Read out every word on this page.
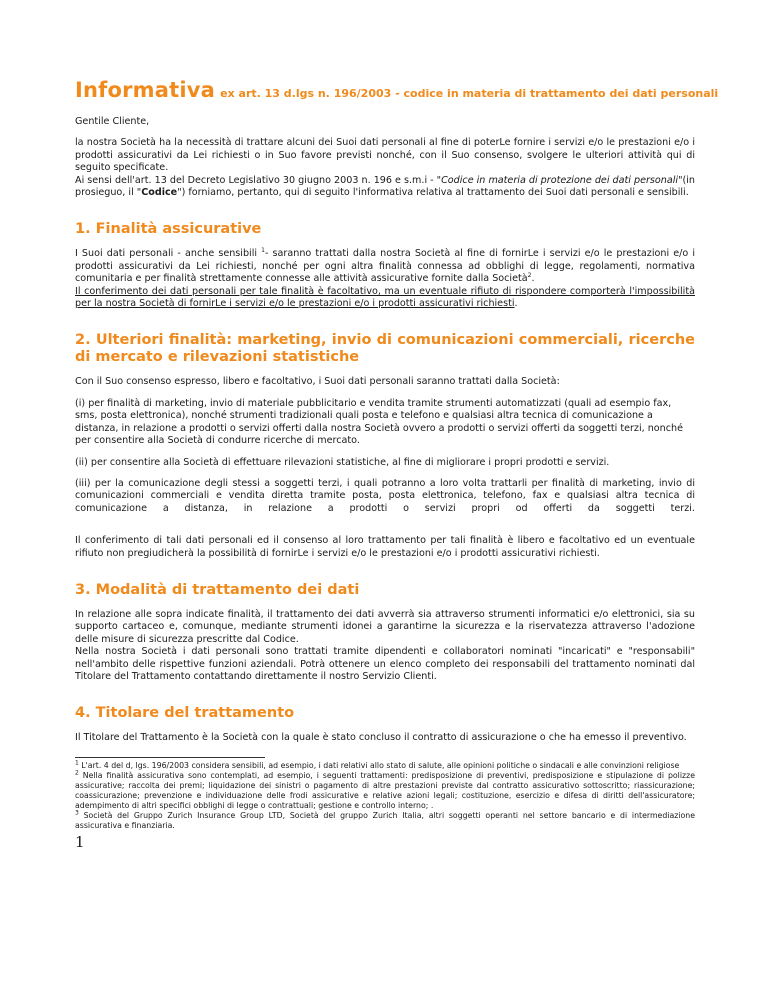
Informativa ex art. 13 d.lgs n. 196/2003 - codice in materia di trattamento dei dati personali

Gentile Cliente,

la nostra Società ha la necessità di trattare alcuni dei Suoi dati personali al fine di poterLe fornire i servizi e/o le prestazioni e/o i prodotti assicurativi da Lei richiesti o in Suo favore previsti nonché, con il Suo consenso, svolgere le ulteriori attività qui di seguito specificate.

Ai sensi dell'art. 13 del Decreto Legislativo 30 giugno 2003 n. 196 e s.m.i - "Codice in materia di protezione dei dati personali"(in prosieguo, il "Codice") forniamo, pertanto, qui di seguito l'informativa relativa al trattamento dei Suoi dati personali e sensibili.

1. Finalità assicurative

I Suoi dati personali - anche sensibili $^1$- saranno trattati dalla nostra Società al fine di fornirLe i servizi e/o le prestazioni e/o i prodotti assicurativi da Lei richiesti, nonché per ogni altra finalità connessa ad obblighi di legge, regolamenti, normativa comunitaria e per finalità strettamente connesse alle attività assicurative fornite dalla Società$^2$.

Il conferimento dei dati personali per tale finalità è facoltativo, ma un eventuale rifiuto di rispondere comporterà l'impossibilità per la nostra Società di fornirLe i servizi e/o le prestazioni e/o i prodotti assicurativi richiesti.

2. Ulteriori finalità: marketing, invio di comunicazioni commerciali, ricerche di mercato e rilevazioni statistiche

Con il Suo consenso espresso, libero e facoltativo, i Suoi dati personali saranno trattati dalla Società:

(i) per finalità di marketing, invio di materiale pubblicitario e vendita tramite strumenti automatizzati (quali ad esempio fax, sms, posta elettronica), nonché strumenti tradizionali quali posta e telefono e qualsiasi altra tecnica di comunicazione a distanza, in relazione a prodotti o servizi offerti dalla nostra Società ovvero a prodotti o servizi offerti da soggetti terzi, nonché per consentire alla Società di condurre ricerche di mercato.

(ii) per consentire alla Società di effettuare rilevazioni statistiche, al fine di migliorare i propri prodotti e servizi.

(iii) per la comunicazione degli stessi a soggetti terzi, i quali potranno a loro volta trattarli per finalità di marketing, invio di comunicazioni commerciali e vendita diretta tramite posta, posta elettronica, telefono, fax e qualsiasi altra tecnica di comunicazione a distanza, in relazione a prodotti o servizi propri od offerti da soggetti terzi.

Il conferimento di tali dati personali ed il consenso al loro trattamento per tali finalità è libero e facoltativo ed un eventuale rifiuto non pregiudicherà la possibilità di fornirLe i servizi e/o le prestazioni e/o i prodotti assicurativi richiesti.

3. Modalità di trattamento dei dati

In relazione alle sopra indicate finalità, il trattamento dei dati avverrà sia attraverso strumenti informatici e/o elettronici, sia su supporto cartaceo e, comunque, mediante strumenti idonei a garantirne la sicurezza e la riservatezza attraverso l'adozione delle misure di sicurezza prescritte dal Codice.

Nella nostra Società i dati personali sono trattati tramite dipendenti e collaboratori nominati "incaricati" e "responsabili" nell'ambito delle rispettive funzioni aziendali. Potrà ottenere un elenco completo dei responsabili del trattamento nominati dal Titolare del Trattamento contattando direttamente il nostro Servizio Clienti.

4. Titolare del trattamento

Il Titolare del Trattamento è la Società con la quale è stato concluso il contratto di assicurazione o che ha emesso il preventivo.

$^1$ L'art. 4 del d, lgs. 196/2003 considera sensibili, ad esempio, i dati relativi allo stato di salute, alle opinioni politiche o sindacali e alle convinzioni religiose

$^2$ Nella finalità assicurativa sono contemplati, ad esempio, i seguenti trattamenti: predisposizione di preventivi, predisposizione e stipulazione di polizze assicurative; raccolta dei premi; liquidazione dei sinistri o pagamento di altre prestazioni previste dal contratto assicurativo sottoscritto; riassicurazione; coassicurazione; prevenzione e individuazione delle frodi assicurative e relative azioni legali; costituzione, esercizio e difesa di diritti dell'assicuratore; adempimento di altri specifici obblighi di legge o contrattuali; gestione e controllo interno; .

$^3$ Società del Gruppo Zurich Insurance Group LTD, Società del gruppo Zurich Italia, altri soggetti operanti nel settore bancario e di intermediazione assicurativa e finanziaria.

1
